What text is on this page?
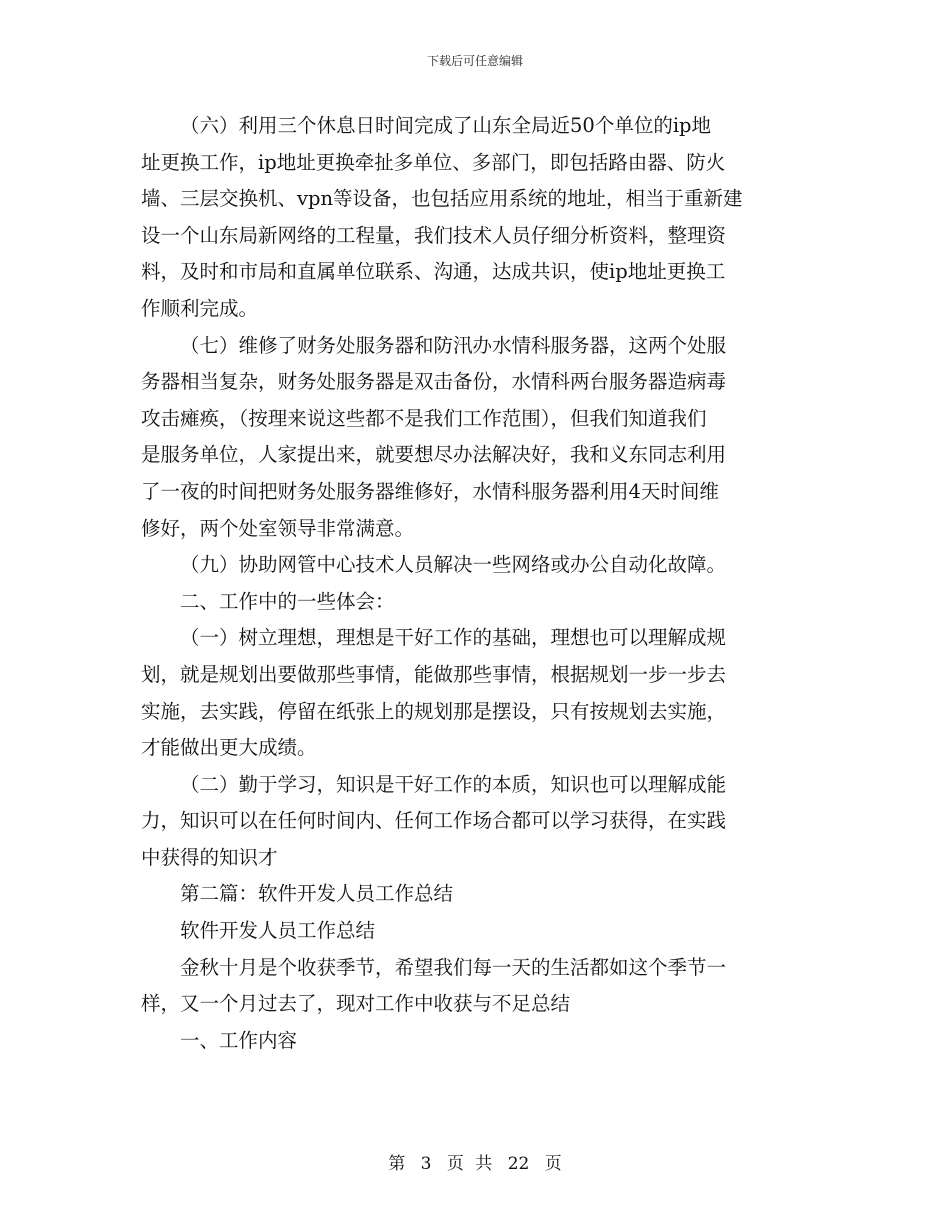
下载后可任意编辑
（六）利用三个休息日时间完成了山东全局近50个单位的ip地
址更换工作，ip地址更换牵扯多单位、多部门，即包括路由器、防火
墙、三层交换机、vpn等设备，也包括应用系统的地址，相当于重新建
设一个山东局新网络的工程量，我们技术人员仔细分析资料，整理资
料，及时和市局和直属单位联系、沟通，达成共识，使ip地址更换工
作顺利完成。
（七）维修了财务处服务器和防汛办水情科服务器，这两个处服
务器相当复杂，财务处服务器是双击备份，水情科两台服务器造病毒
攻击瘫痪，（按理来说这些都不是我们工作范围），但我们知道我们
是服务单位，人家提出来，就要想尽办法解决好，我和义东同志利用
了一夜的时间把财务处服务器维修好，水情科服务器利用4天时间维
修好，两个处室领导非常满意。
（九）协助网管中心技术人员解决一些网络或办公自动化故障。
二、工作中的一些体会：
（一）树立理想，理想是干好工作的基础，理想也可以理解成规
划，就是规划出要做那些事情，能做那些事情，根据规划一步一步去
实施，去实践，停留在纸张上的规划那是摆设，只有按规划去实施，
才能做出更大成绩。
（二）勤于学习，知识是干好工作的本质，知识也可以理解成能
力，知识可以在任何时间内、任何工作场合都可以学习获得，在实践
中获得的知识才
第二篇：软件开发人员工作总结
软件开发人员工作总结
金秋十月是个收获季节，希望我们每一天的生活都如这个季节一
样，又一个月过去了，现对工作中收获与不足总结
一、工作内容
第 3 页 共 22 页
